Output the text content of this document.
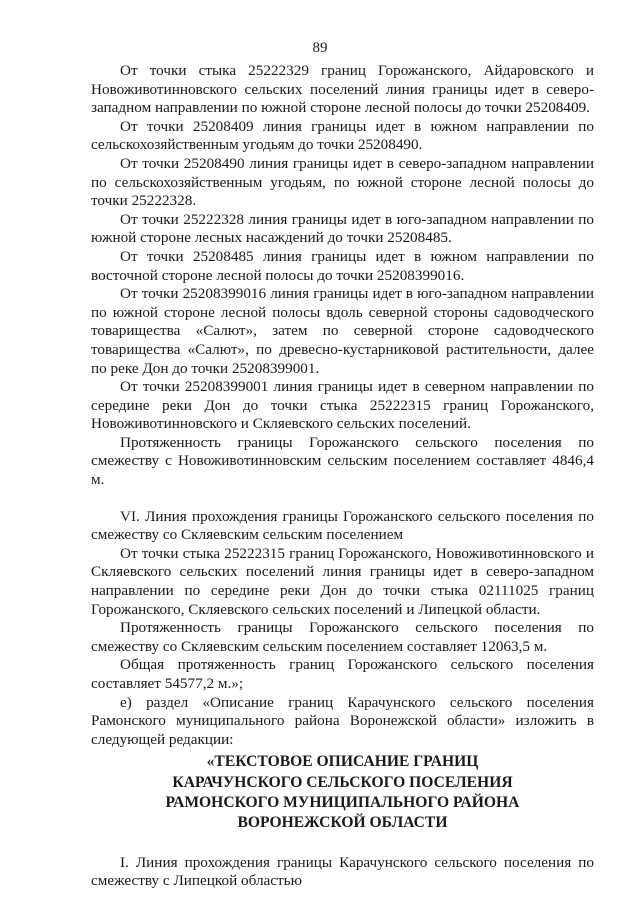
89

От точки стыка 25222329 границ Горожанского, Айдаровского и Новоживотинновского сельских поселений линия границы идет в северо-западном направлении по южной стороне лесной полосы до точки 25208409.

От точки 25208409 линия границы идет в южном направлении по сельскохозяйственным угодьям до точки 25208490.

От точки 25208490 линия границы идет в северо-западном направлении по сельскохозяйственным угодьям, по южной стороне лесной полосы до точки 25222328.

От точки 25222328 линия границы идет в юго-западном направлении по южной стороне лесных насаждений до точки 25208485.

От точки 25208485 линия границы идет в южном направлении по восточной стороне лесной полосы до точки 25208399016.

От точки 25208399016 линия границы идет в юго-западном направлении по южной стороне лесной полосы вдоль северной стороны садоводческого товарищества «Салют», затем по северной стороне садоводческого товарищества «Салют», по древесно-кустарниковой растительности, далее по реке Дон до точки 25208399001.

От точки 25208399001 линия границы идет в северном направлении по середине реки Дон до точки стыка 25222315 границ Горожанского, Новоживотинновского и Скляевского сельских поселений.

Протяженность границы Горожанского сельского поселения по смежеству с Новоживотинновским сельским поселением составляет 4846,4 м.

VI. Линия прохождения границы Горожанского сельского поселения по смежеству со Скляевским сельским поселением

От точки стыка 25222315 границ Горожанского, Новоживотинновского и Скляевского сельских поселений линия границы идет в северо-западном направлении по середине реки Дон до точки стыка 02111025 границ Горожанского, Скляевского сельских поселений и Липецкой области.

Протяженность границы Горожанского сельского поселения по смежеству со Скляевским сельским поселением составляет 12063,5 м.

Общая протяженность границ Горожанского сельского поселения составляет 54577,2 м.»;

е) раздел «Описание границ Карачунского сельского поселения Рамонского муниципального района Воронежской области» изложить в следующей редакции:

«ТЕКСТОВОЕ ОПИСАНИЕ ГРАНИЦ
КАРАЧУНСКОГО СЕЛЬСКОГО ПОСЕЛЕНИЯ
РАМОНСКОГО МУНИЦИПАЛЬНОГО РАЙОНА
ВОРОНЕЖСКОЙ ОБЛАСТИ

I. Линия прохождения границы Карачунского сельского поселения по смежеству с Липецкой областью
